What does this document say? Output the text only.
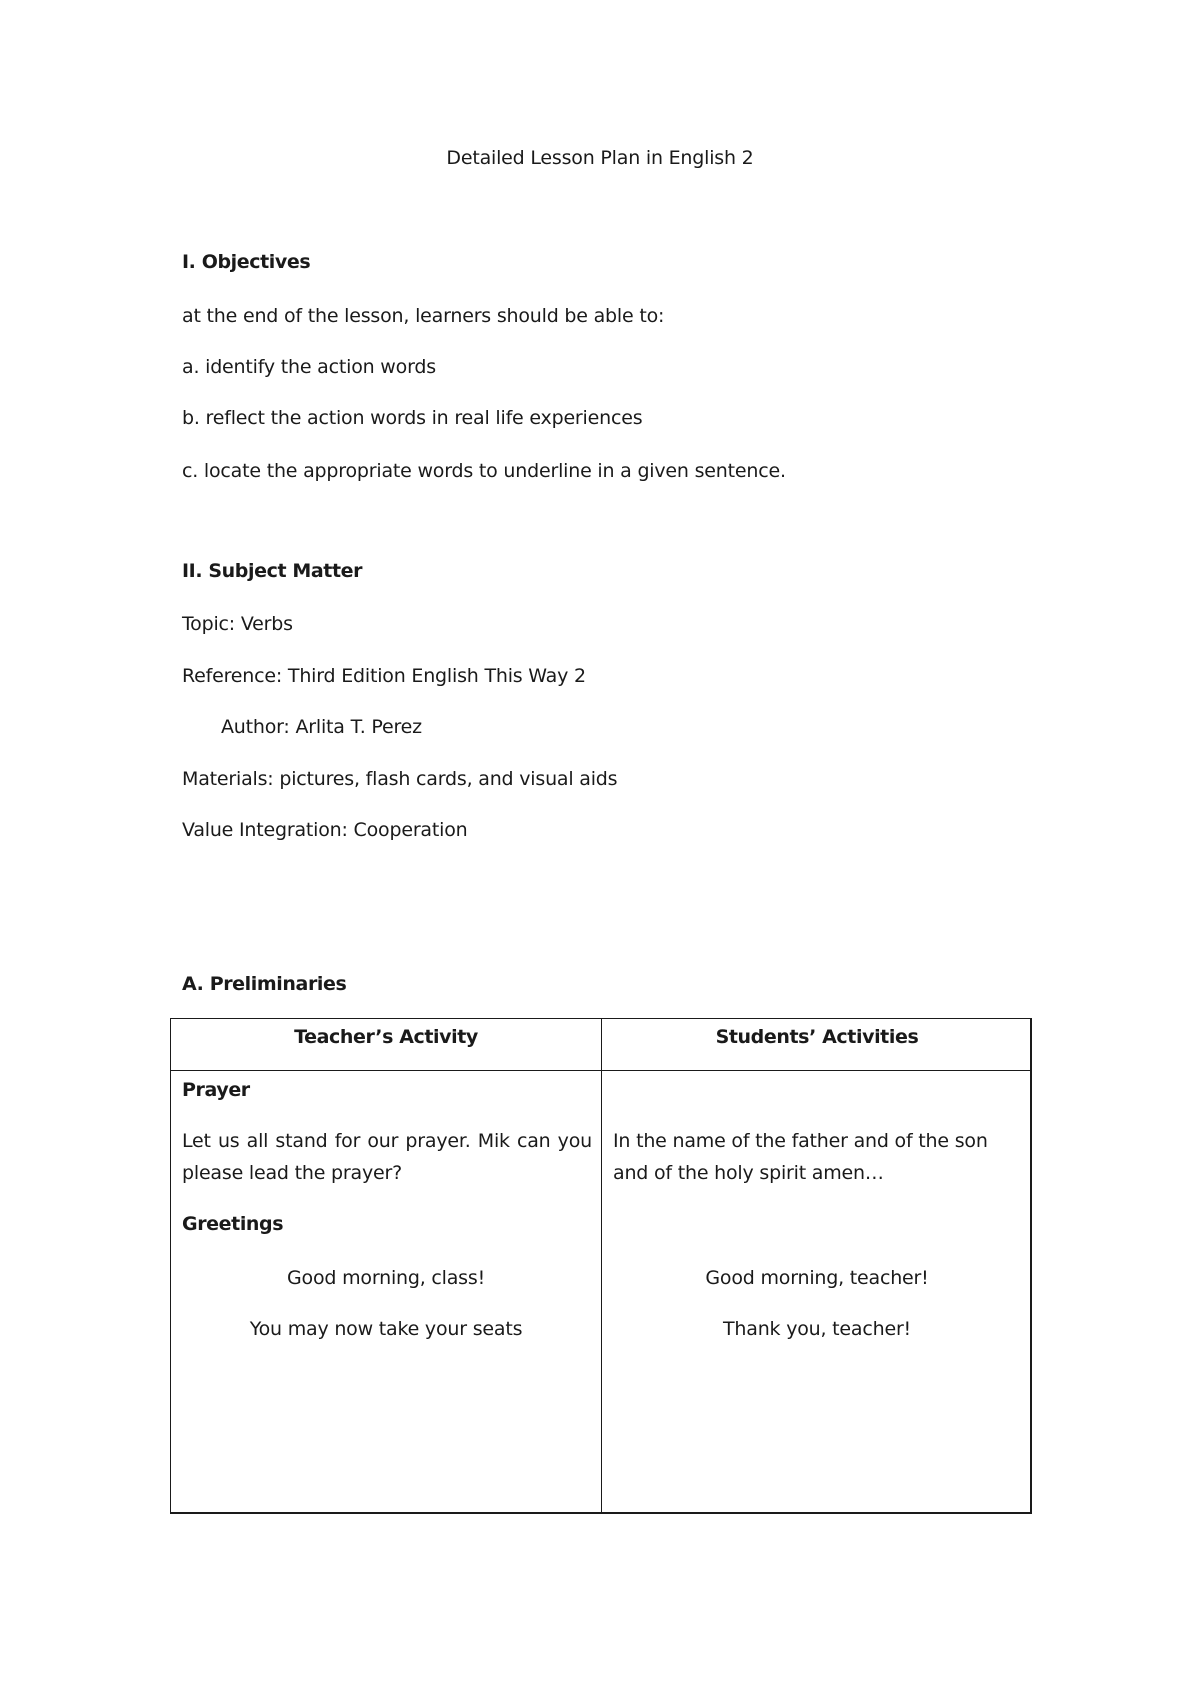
Detailed Lesson Plan in English 2
I. Objectives
at the end of the lesson, learners should be able to:
a. identify the action words
b. reflect the action words in real life experiences
c. locate the appropriate words to underline in a given sentence.
II. Subject Matter
Topic: Verbs
Reference: Third Edition English This Way 2
Author: Arlita T. Perez
Materials: pictures, flash cards, and visual aids
Value Integration: Cooperation
A. Preliminaries
Teacher’s Activity	Students’ Activities
Prayer
Let us all stand for our prayer. Mik can you please lead the prayer?
Greetings
Good morning, class!
You may now take your seats
In the name of the father and of the son and of the holy spirit amen…
Good morning, teacher!
Thank you, teacher!
